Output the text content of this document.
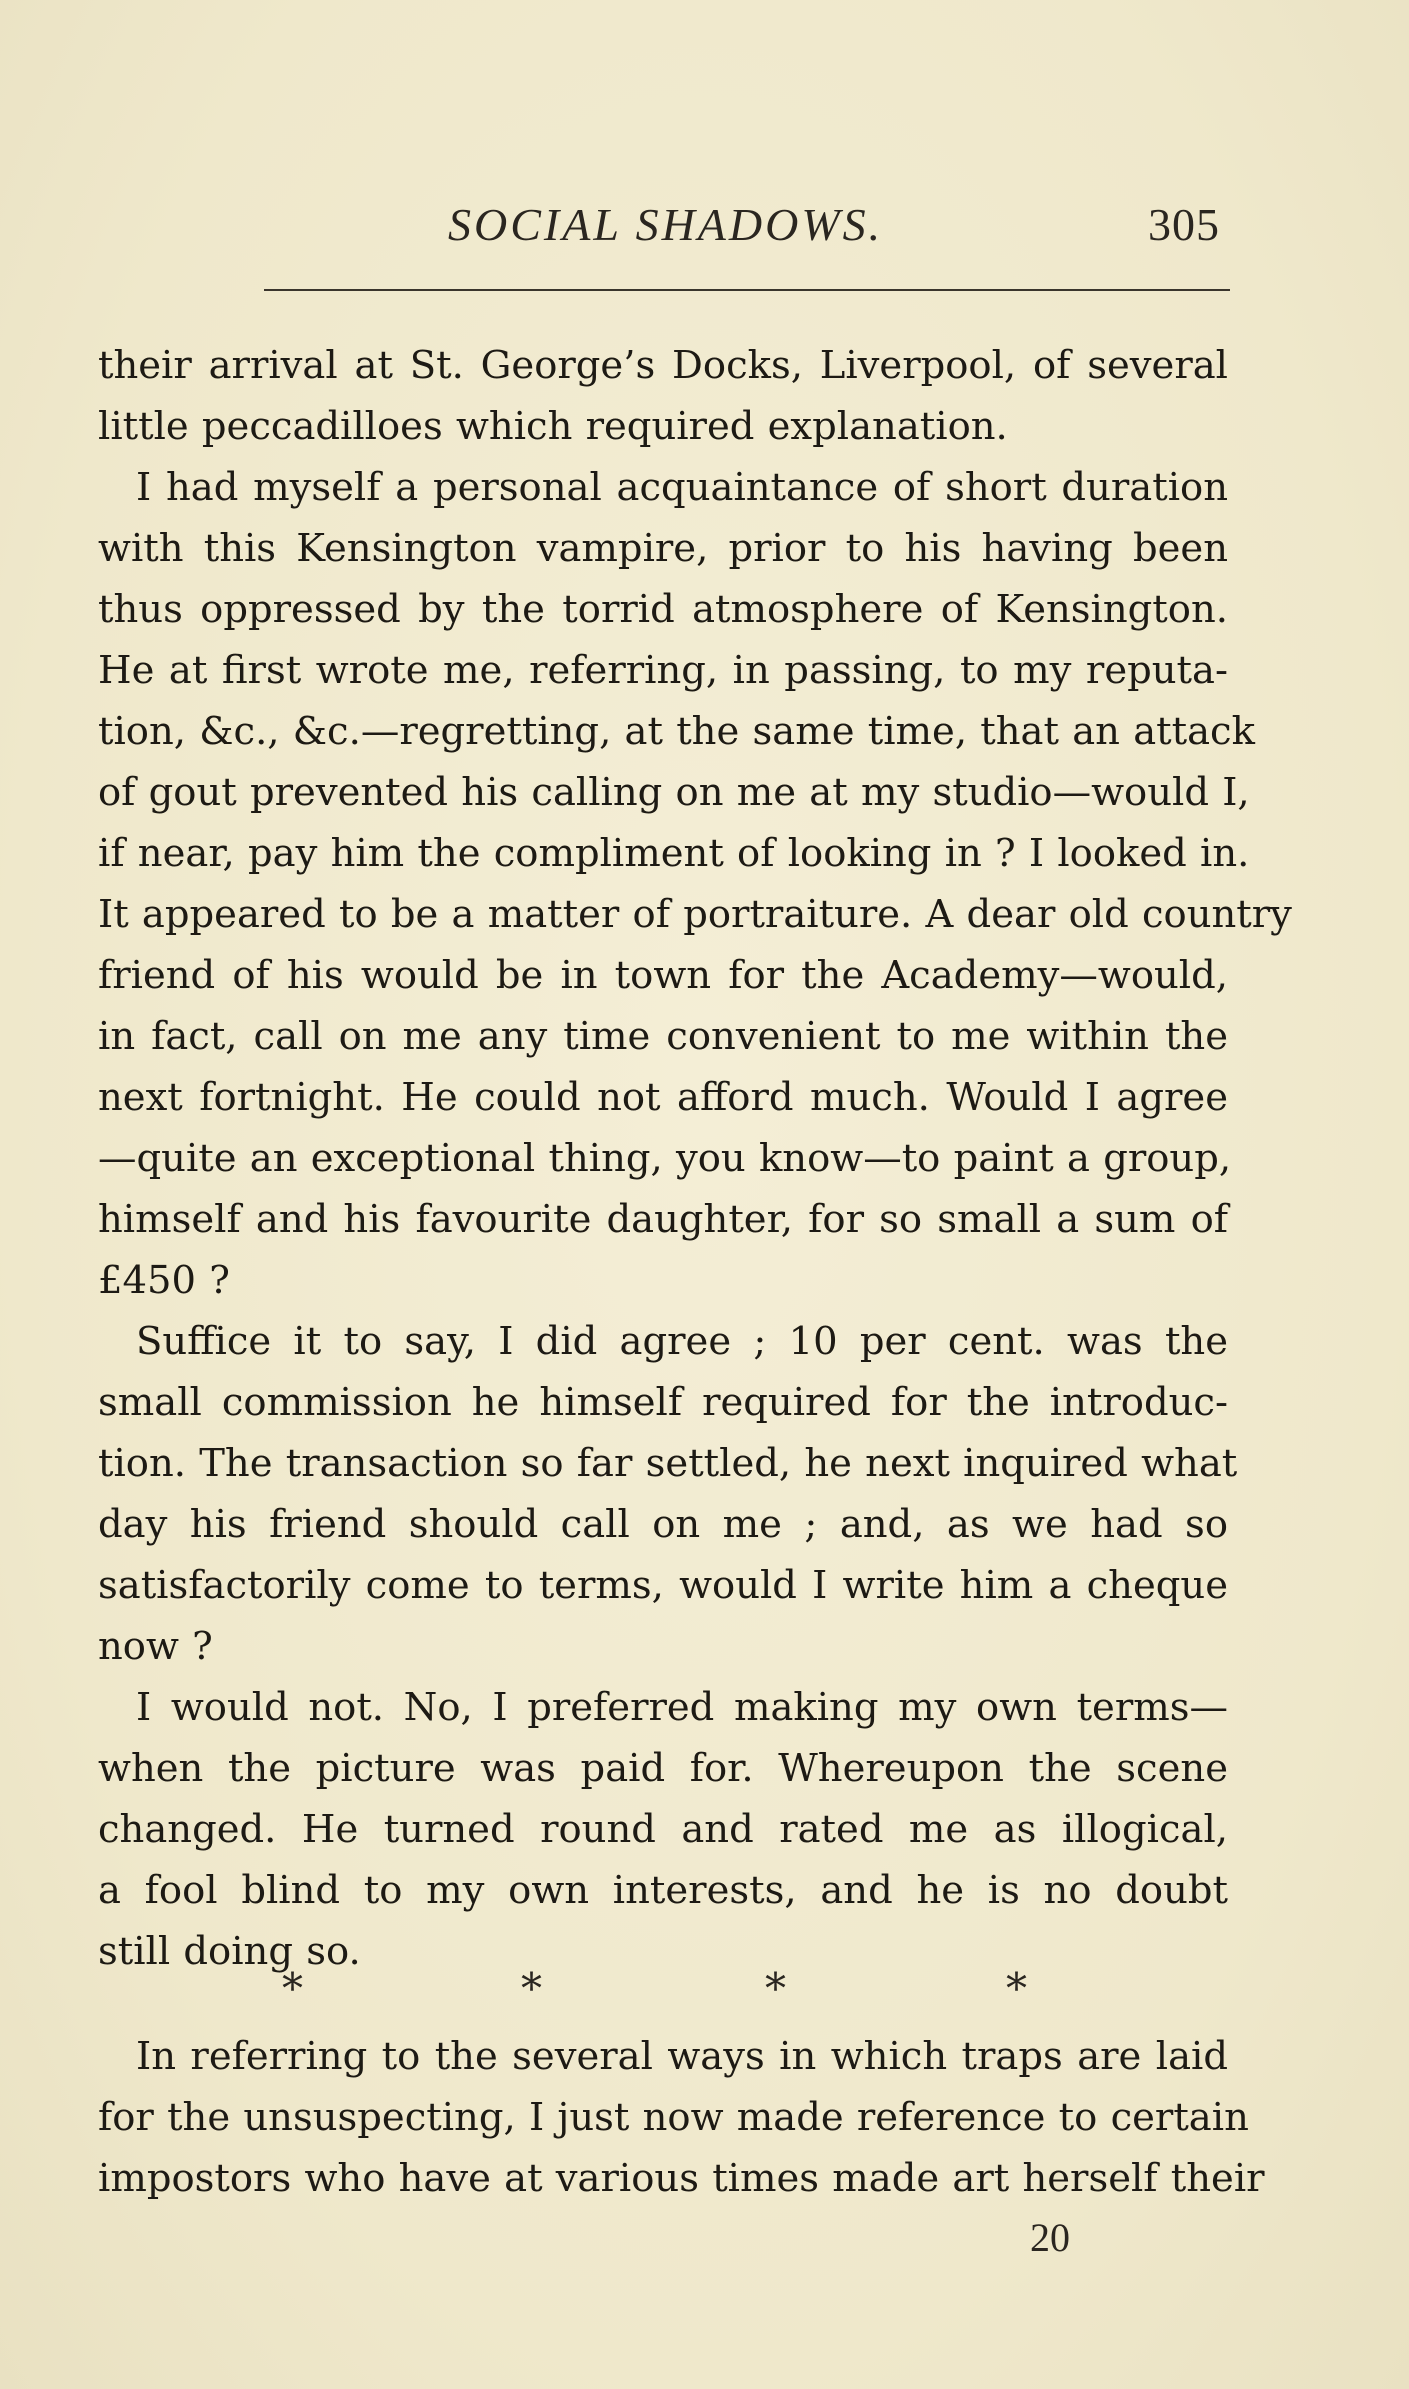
SOCIAL SHADOWS.	305
their arrival at St. George’s Docks, Liverpool, of several
little peccadilloes which required explanation.
I had myself a personal acquaintance of short duration
with this Kensington vampire, prior to his having been
thus oppressed by the torrid atmosphere of Kensington.
He at first wrote me, referring, in passing, to my reputa-
tion, &c., &c.—regretting, at the same time, that an attack
of gout prevented his calling on me at my studio—would I,
if near, pay him the compliment of looking in ? I looked in.
It appeared to be a matter of portraiture. A dear old country
friend of his would be in town for the Academy—would,
in fact, call on me any time convenient to me within the
next fortnight. He could not afford much. Would I agree
—quite an exceptional thing, you know—to paint a group,
himself and his favourite daughter, for so small a sum of
£450 ?
Suffice it to say, I did agree ; 10 per cent. was the
small commission he himself required for the introduc-
tion. The transaction so far settled, he next inquired what
day his friend should call on me ; and, as we had so
satisfactorily come to terms, would I write him a cheque
now ?
I would not. No, I preferred making my own terms—
when the picture was paid for. Whereupon the scene
changed. He turned round and rated me as illogical,
a fool blind to my own interests, and he is no doubt
still doing so.
*	*	*	*
In referring to the several ways in which traps are laid
for the unsuspecting, I just now made reference to certain
impostors who have at various times made art herself their
20
